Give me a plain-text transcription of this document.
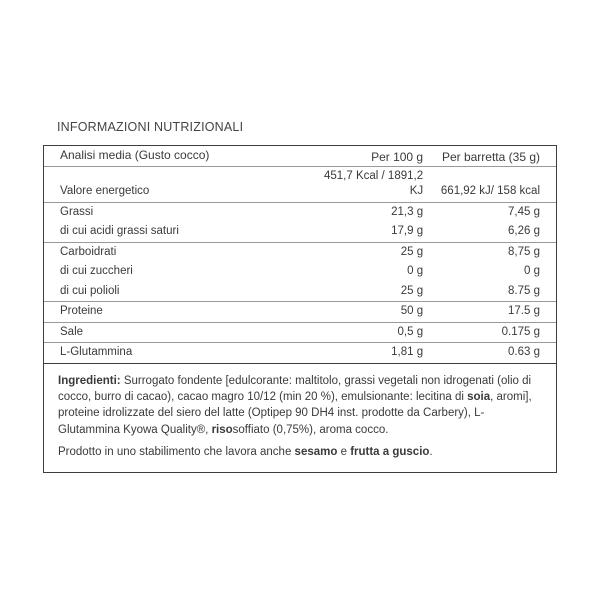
INFORMAZIONI NUTRIZIONALI
Analisi media (Gusto cocco)	Per 100 g	Per barretta (35 g)
Valore energetico	451,7 Kcal / 1891,2 KJ	661,92 kJ/ 158 kcal
Grassi	21,3 g	7,45 g
di cui acidi grassi saturi	17,9 g	6,26 g
Carboidrati	25 g	8,75 g
di cui zuccheri	0 g	0 g
di cui polioli	25 g	8.75 g
Proteine	50 g	17.5 g
Sale	0,5 g	0.175 g
L-Glutammina	1,81 g	0.63 g
Ingredienti: Surrogato fondente [edulcorante: maltitolo, grassi vegetali non idrogenati (olio di cocco, burro di cacao), cacao magro 10/12 (min 20 %), emulsionante: lecitina di soia, aromi], proteine idrolizzate del siero del latte (Optipep 90 DH4 inst. prodotte da Carbery), L-Glutammina Kyowa Quality®, risosoffiato (0,75%), aroma cocco.
Prodotto in uno stabilimento che lavora anche sesamo e frutta a guscio.
